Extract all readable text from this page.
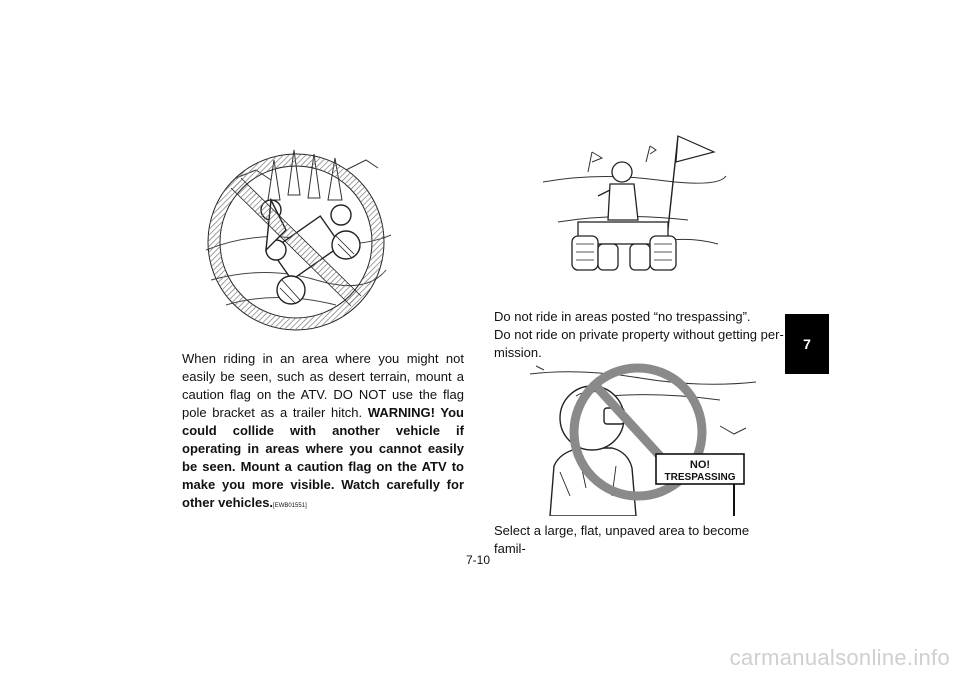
NO!
TRESPASSING
When riding in an area where you might not easily be seen, such as desert terrain, mount a caution flag on the ATV. DO NOT use the flag pole bracket as a trailer hitch. WARNING! You could collide with another vehicle if operating in areas where you cannot easily be seen. Mount a caution flag on the ATV to make you more visible. Watch carefully for other vehicles.[EWB01551]

Do not ride in areas posted “no trespassing”.

Do not ride on private property without getting per-mission.

Select a large, flat, unpaved area to become famil-
7
7-10
carmanualsonline.info
